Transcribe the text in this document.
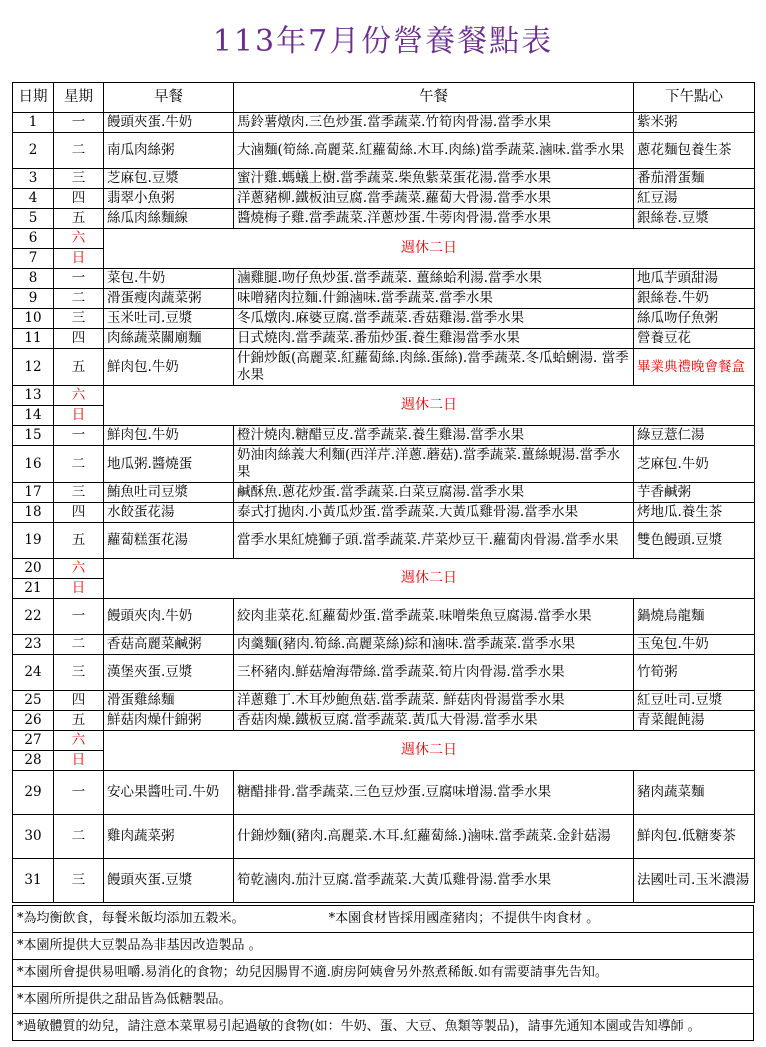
113年7月份營養餐點表
日期	星期	早餐	午餐	下午點心
1	一	饅頭夾蛋.牛奶	馬鈴薯燉肉.三色炒蛋.當季蔬菜.竹筍肉骨湯.當季水果	紫米粥
2	二	南瓜肉絲粥	大滷麵(筍絲.高麗菜.紅蘿蔔絲.木耳.肉絲)當季蔬菜.滷味.當季水果	蔥花麵包養生茶
3	三	芝麻包.豆漿	蜜汁雞.螞蟻上樹.當季蔬菜.柴魚紫菜蛋花湯.當季水果	番茄滑蛋麵
4	四	翡翠小魚粥	洋蔥豬柳.鐵板油豆腐.當季蔬菜.蘿蔔大骨湯.當季水果	紅豆湯
5	五	絲瓜肉絲麵線	醬燒梅子雞.當季蔬菜.洋蔥炒蛋.牛蒡肉骨湯.當季水果	銀絲卷.豆漿
6	六	週休二日		
7	日			
8	一	菜包.牛奶	滷雞腿.吻仔魚炒蛋.當季蔬菜. 薑絲蛤利湯.當季水果	地瓜芋頭甜湯
9	二	滑蛋瘦肉蔬菜粥	味噌豬肉拉麵.什錦滷味.當季蔬菜.當季水果	銀絲卷.牛奶
10	三	玉米吐司.豆漿	冬瓜燉肉.麻婆豆腐.當季蔬菜.香菇雞湯.當季水果	絲瓜吻仔魚粥
11	四	肉絲蔬菜關廟麵	日式燒肉.當季蔬菜.番茄炒蛋.養生雞湯當季水果	營養豆花
12	五	鮮肉包.牛奶	什錦炒飯(高麗菜.紅蘿蔔絲.肉絲.蛋絲).當季蔬菜.冬瓜蛤蜊湯. 當季水果	畢業典禮晚會餐盒
13	六	週休二日		
14	日			
15	一	鮮肉包.牛奶	橙汁燒肉.糖醋豆皮.當季蔬菜.養生雞湯.當季水果	綠豆薏仁湯
16	二	地瓜粥.醬燒蛋	奶油肉絲義大利麵(西洋芹.洋蔥.蘑菇).當季蔬菜.薑絲蜆湯.當季水果	芝麻包.牛奶
17	三	鮪魚吐司豆漿	鹹酥魚.蔥花炒蛋.當季蔬菜.白菜豆腐湯.當季水果	芋香鹹粥
18	四	水餃蛋花湯	泰式打拋肉.小黃瓜炒蛋.當季蔬菜.大黃瓜雞骨湯.當季水果	烤地瓜.養生茶
19	五	蘿蔔糕蛋花湯	當季水果紅燒獅子頭.當季蔬菜.芹菜炒豆干.蘿蔔肉骨湯.當季水果	雙色饅頭.豆漿
20	六	週休二日		
21	日			
22	一	饅頭夾肉.牛奶	絞肉韭菜花.紅蘿蔔炒蛋.當季蔬菜.味噌柴魚豆腐湯.當季水果	鍋燒烏龍麵
23	二	香菇高麗菜鹹粥	肉羹麵(豬肉.筍絲.高麗菜絲)綜和滷味.當季蔬菜.當季水果	玉兔包.牛奶
24	三	漢堡夾蛋.豆漿	三杯豬肉.鮮菇燴海帶絲.當季蔬菜.筍片肉骨湯.當季水果	竹筍粥
25	四	滑蛋雞絲麵	洋蔥雞丁.木耳炒鮑魚菇.當季蔬菜. 鮮菇肉骨湯當季水果	紅豆吐司.豆漿
26	五	鮮菇肉燥什錦粥	香菇肉燥.鐵板豆腐.當季蔬菜.黃瓜大骨湯.當季水果	青菜餛飩湯
27	六	週休二日		
28	日			
29	一	安心果醬吐司.牛奶	糖醋排骨.當季蔬菜.三色豆炒蛋.豆腐味增湯.當季水果	豬肉蔬菜麵
30	二	雞肉蔬菜粥	什錦炒麵(豬肉.高麗菜.木耳.紅蘿蔔絲.)滷味.當季蔬菜.金針菇湯	鮮肉包.低糖麥茶
31	三	饅頭夾蛋.豆漿	筍乾滷肉.茄汁豆腐.當季蔬菜.大黃瓜雞骨湯.當季水果	法國吐司.玉米濃湯
*為均衡飲食，每餐米飯均添加五穀米。	*本園食材皆採用國產豬肉；不提供牛肉食材 。
*本園所提供大豆製品為非基因改造製品 。
*本園所會提供易咀嚼.易消化的食物；幼兒因腸胃不適.廚房阿姨會另外熬煮稀飯.如有需要請事先告知。
*本園所所提供之甜品皆為低糖製品。
*過敏體質的幼兒，請注意本菜單易引起過敏的食物(如：牛奶、蛋、大豆、魚類等製品)，請事先通知本園或告知導師 。
